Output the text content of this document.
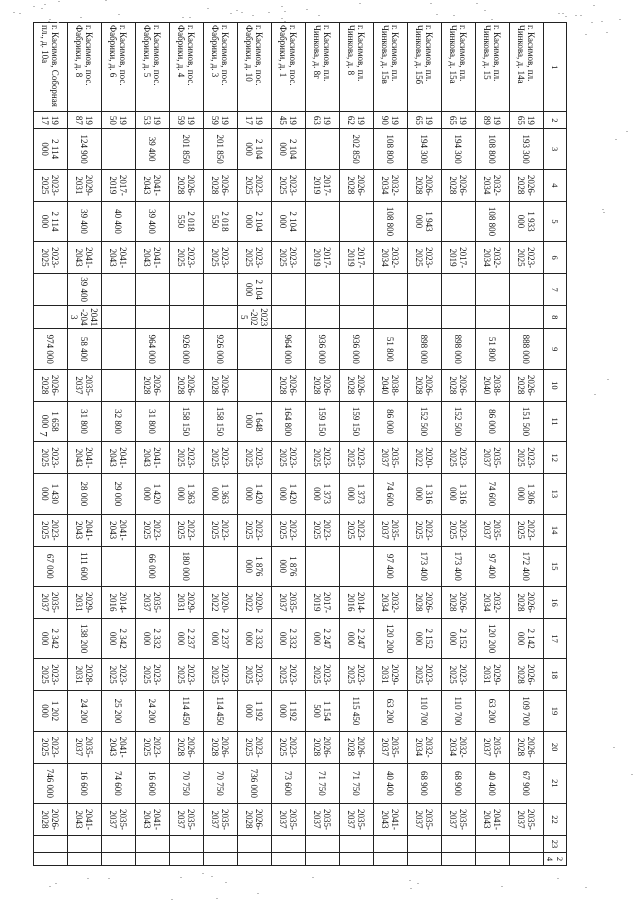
7
1	2	3	4	5	6	7	8	9	10	11	12	13	14	15	16	17	18	19	20	21	22	23	24
г. Касимов, пл. Чинкова, д. 14а	1965	193 300	2026-2028	1 933 000	2023-2025			888 000	2026-2028	151 500	2023-2025	1 306 000	2023-2025	172 400	2026-2028	2 142 000	2026-2028	109 700	2026-2028	67 900	2035-2037		
г. Касимов, пл. Чинкова, д. 15	1989	108 800	2032-2034	108 800	2032-2034			51 800	2038-2040	86 000	2035-2037	74 600	2035-2037	97 400	2032-2034	120 200	2029-2031	63 200	2035-2037	40 400	2041-2043		
г. Касимов, пл. Чинкова, д. 15а	1965	194 300	2026-2028		2017-2019			898 000	2026-2028	152 500	2023-2025	1 316 000	2023-2025	173 400	2026-2028	2 152 000	2023-2025	110 700	2032-2034	68 900	2035-2037		
г. Касимов, пл. Чинкова, д. 15б	1965	194 300	2026-2028	1 943 000	2023-2025			898 000	2026-2028	152 500	2020-2022	1 316 000	2023-2025	173 400	2026-2028	2 152 000	2023-2025	110 700	2032-2034	68 900	2035-2037		
г. Касимов, пл. Чинкова, д. 15в	1990	108 800	2032-2034	108 800	2032-2034			51 800	2038-2040	86 000	2035-2037	74 600	2035-2037	97 400	2032-2034	120 200	2029-2031	63 200	2035-2037	40 400	2041-2043		
г. Касимов, пл. Чинкова, д. 8	1962	202 850	2026-2028		2017-2019			936 000	2026-2028	159 150	2023-2025	1 373 000	2023-2025		2014-2016	2 247 000	2023-2025	115 450	2026-2028	71 750	2035-2037		
г. Касимов, пл. Чинкова, д. 8г	1963		2017-2019		2017-2019			936 000	2026-2028	159 150	2023-2025	1 373 000	2023-2025		2017-2019	2 247 000	2023-2025	1 154 500	2026-2028	71 750	2035-2037		
г. Касимов, пос. Фабрики, д. 1	1945	2 104 000	2023-2025	2 104 000	2023-2025			964 000	2026-2028	164 800	2023-2025	1 420 000	2023-2025	1 876 000	2035-2037	2 332 000	2023-2025	1 192 000	2023-2025	73 600	2035-2037		
г. Касимов, пос. Фабрики, д. 10	1917	2 104 000	2023-2025	2 104 000	2023-2025	2 104 000	2023-2025			1 648 000	2023-2025	1 420 000	2023-2025	1 876 000	2020-2022	2 332 000	2023-2025	1 192 000	2023-2025	736 000	2026-2028		
г. Касимов, пос. Фабрики, д. 3	1959	201 850	2026-2028	2 018 550	2023-2025			926 000	2026-2028	158 150	2023-2025	1 363 000	2023-2025		2020-2022	2 237 000	2023-2025	114 450	2026-2028	70 750	2035-2037		
г. Касимов, пос. Фабрики, д. 4	1959	201 850	2026-2028	2 018 550	2023-2025			926 000	2026-2028	158 150	2023-2025	1 363 000	2023-2025	180 000	2029-2031	2 237 000	2023-2025	114 450	2026-2028	70 750	2035-2037		
г. Касимов, пос. Фабрики, д. 5	1953	39 400	2041-2043	39 400	2041-2043			964 000	2026-2028	31 800	2041-2043	1 420 000	2023-2025	66 000	2035-2037	2 332 000	2023-2025	24 200	2023-2025	16 600	2041-2043		
г. Касимов, пос. Фабрики, д. 6	1950		2017-2019	40 400	2041-2043					32 800	2041-2043	29 000	2041-2043		2014-2016	2 342 000	2023-2025	25 200	2041-2043	74 600	2035-2037		
г. Касимов, пос. Фабрики, д. 8	1987	124 900	2029-2031	39 400	2041-2043	39 400	2041-2043	58 400	2035-2037	31 800	2041-2043	28 000	2041-2043	111 600	2029-2031	138 200	2028-2031	24 200	2035-2037	16 600	2041-2043		
г. Касимов, Соборная пл., д. 10а	1917	2 114 000	2023-2025	2 114 000	2023-2025			974 000	2026-2028	1 658 000	2023-2025	1 430 000	2023-2025	67 000	2035-2037	2 342 000	2023-2025	1 202 000	2023-2025	746 000	2026-2028		
